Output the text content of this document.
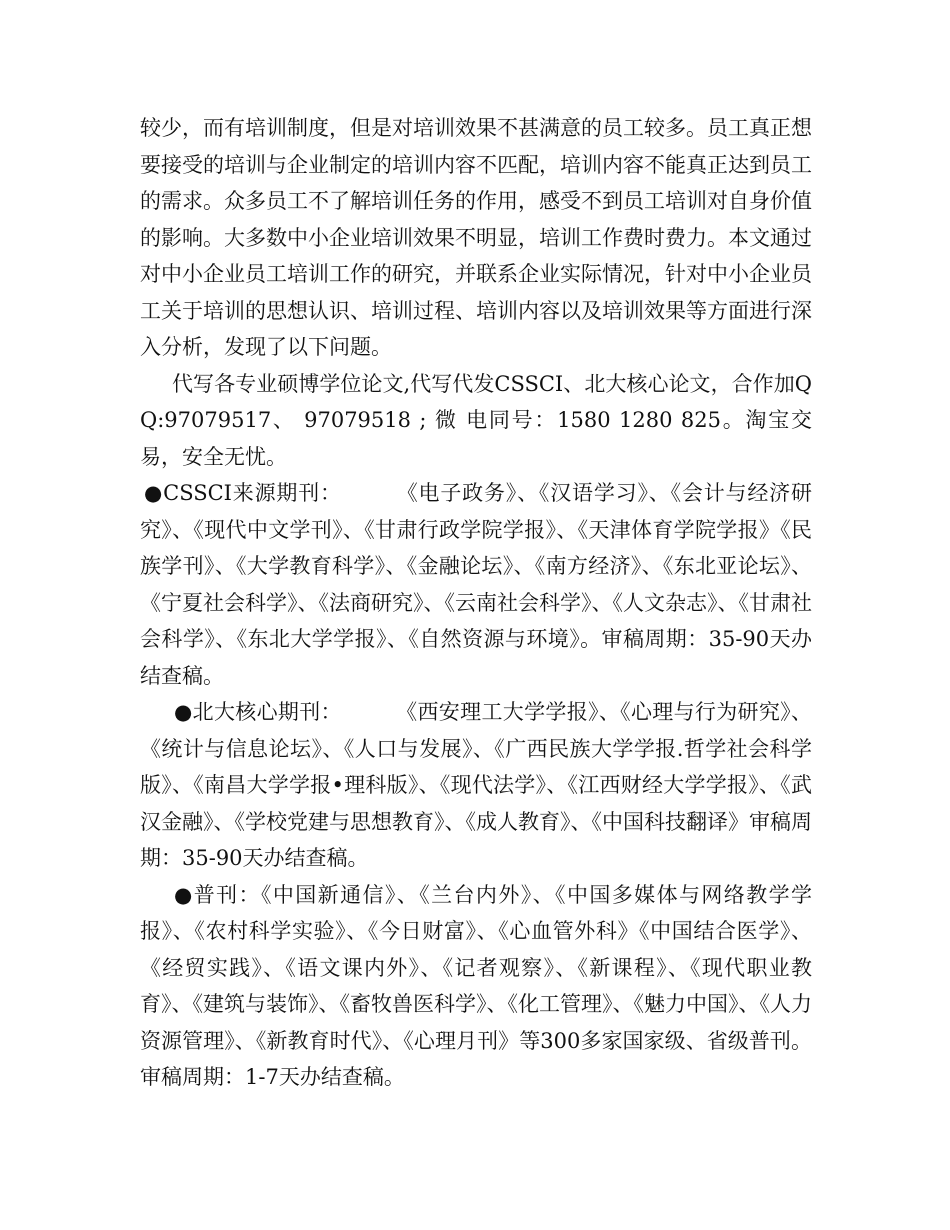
较少，而有培训制度，但是对培训效果不甚满意的员工较多。员工真正想要接受的培训与企业制定的培训内容不匹配，培训内容不能真正达到员工的需求。众多员工不了解培训任务的作用，感受不到员工培训对自身价值的影响。大多数中小企业培训效果不明显，培训工作费时费力。本文通过对中小企业员工培训工作的研究，并联系企业实际情况，针对中小企业员工关于培训的思想认识、培训过程、培训内容以及培训效果等方面进行深入分析，发现了以下问题。

代写各专业硕博学位论文,代写代发CSSCI、北大核心论文，合作加QQ:97079517、 97079518 ; 微 电同号：1580 1280 825。淘宝交易，安全无忧。

●CSSCI来源期刊：	《电子政务》、《汉语学习》、《会计与经济研究》、《现代中文学刊》、《甘肃行政学院学报》、《天津体育学院学报》《民族学刊》、《大学教育科学》、《金融论坛》、《南方经济》、《东北亚论坛》、《宁夏社会科学》、《法商研究》、《云南社会科学》、《人文杂志》、《甘肃社会科学》、《东北大学学报》、《自然资源与环境》。审稿周期：35-90天办结查稿。

●北大核心期刊：	《西安理工大学学报》、《心理与行为研究》、《统计与信息论坛》、《人口与发展》、《广西民族大学学报.哲学社会科学版》、《南昌大学学报•理科版》、《现代法学》、《江西财经大学学报》、《武汉金融》、《学校党建与思想教育》、《成人教育》、《中国科技翻译》审稿周期：35-90天办结查稿。

●普刊：《中国新通信》、《兰台内外》、《中国多媒体与网络教学学报》、《农村科学实验》、《今日财富》、《心血管外科》《中国结合医学》、《经贸实践》、《语文课内外》、《记者观察》、《新课程》、《现代职业教育》、《建筑与装饰》、《畜牧兽医科学》、《化工管理》、《魅力中国》、《人力资源管理》、《新教育时代》、《心理月刊》等300多家国家级、省级普刊。审稿周期：1-7天办结查稿。
